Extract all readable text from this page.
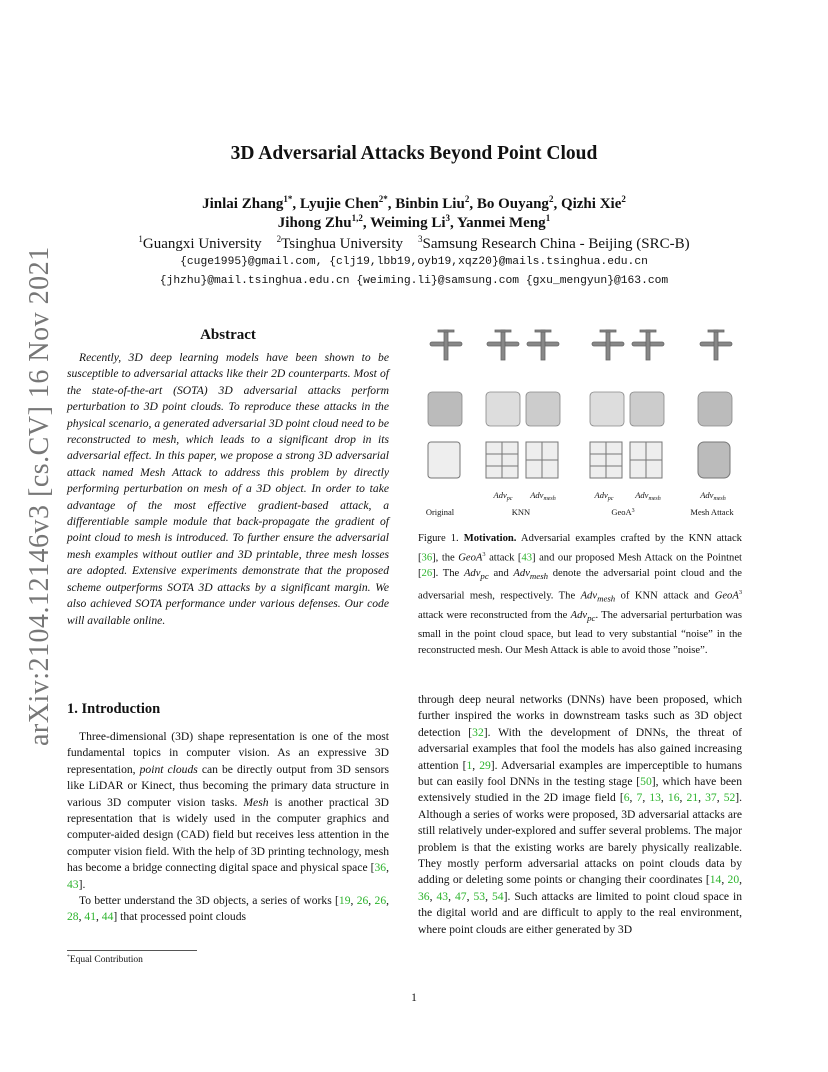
arXiv:2104.12146v3 [cs.CV] 16 Nov 2021
3D Adversarial Attacks Beyond Point Cloud
Jinlai Zhang$^{1*}$, Lyujie Chen$^{2*}$, Binbin Liu$^2$, Bo Ouyang$^2$, Qizhi Xie$^2$
Jihong Zhu$^{1,2}$, Weiming Li$^3$, Yanmei Meng$^1$
$^1$Guangxi University $^2$Tsinghua University $^3$Samsung Research China - Beijing (SRC-B)
{cuge1995}@gmail.com, {clj19,lbb19,oyb19,xqz20}@mails.tsinghua.edu.cn
{jhzhu}@mail.tsinghua.edu.cn {weiming.li}@samsung.com {gxu_mengyun}@163.com
Abstract

Recently, 3D deep learning models have been shown to be susceptible to adversarial attacks like their 2D counterparts. Most of the state-of-the-art (SOTA) 3D adversarial attacks perform perturbation to 3D point clouds. To reproduce these attacks in the physical scenario, a generated adversarial 3D point cloud need to be reconstructed to mesh, which leads to a significant drop in its adversarial effect. In this paper, we propose a strong 3D adversarial attack named Mesh Attack to address this problem by directly performing perturbation on mesh of a 3D object. In order to take advantage of the most effective gradient-based attack, a differentiable sample module that back-propagate the gradient of point cloud to mesh is introduced. To further ensure the adversarial mesh examples without outlier and 3D printable, three mesh losses are adopted. Extensive experiments demonstrate that the proposed scheme outperforms SOTA 3D attacks by a significant margin. We also achieved SOTA performance under various defenses. Our code will available online.

Adv$_{pc}$ Adv$_{mesh}$	Adv$_{pc}$	Adv$_{mesh}$	Adv$_{mesh}$
Original	KNN	GeoA$^3$	Mesh Attack

Figure 1. Motivation. Adversarial examples crafted by the KNN attack [36], the GeoA$^3$ attack [43] and our proposed Mesh Attack on the Pointnet [26]. The Adv$_{pc}$ and Adv$_{mesh}$ denote the adversarial point cloud and the adversarial mesh, respectively. The Adv$_{mesh}$ of KNN attack and GeoA$^3$ attack were reconstructed from the Adv$_{pc}$. The adversarial perturbation was small in the point cloud space, but lead to very substantial “noise” in the reconstructed mesh. Our Mesh Attack is able to avoid those ”noise”.

1. Introduction

Three-dimensional (3D) shape representation is one of the most fundamental topics in computer vision. As an expressive 3D representation, point clouds can be directly output from 3D sensors like LiDAR or Kinect, thus becoming the primary data structure in various 3D computer vision tasks. Mesh is another practical 3D representation that is widely used in the computer graphics and computer-aided design (CAD) field but receives less attention in the computer vision field. With the help of 3D printing technology, mesh has become a bridge connecting digital space and physical space [36, 43].

To better understand the 3D objects, a series of works [19, 26, 26, 28, 41, 44] that processed point clouds

through deep neural networks (DNNs) have been proposed, which further inspired the works in downstream tasks such as 3D object detection [32]. With the development of DNNs, the threat of adversarial examples that fool the models has also gained increasing attention [1, 29]. Adversarial examples are imperceptible to humans but can easily fool DNNs in the testing stage [50], which have been extensively studied in the 2D image field [6, 7, 13, 16, 21, 37, 52]. Although a series of works were proposed, 3D adversarial attacks are still relatively under-explored and suffer several problems. The major problem is that the existing works are barely physically realizable. They mostly perform adversarial attacks on point clouds data by adding or deleting some points or changing their coordinates [14, 20, 36, 43, 47, 53, 54]. Such attacks are limited to point cloud space in the digital world and are difficult to apply to the real environment, where point clouds are either generated by 3D

*Equal Contribution
1
